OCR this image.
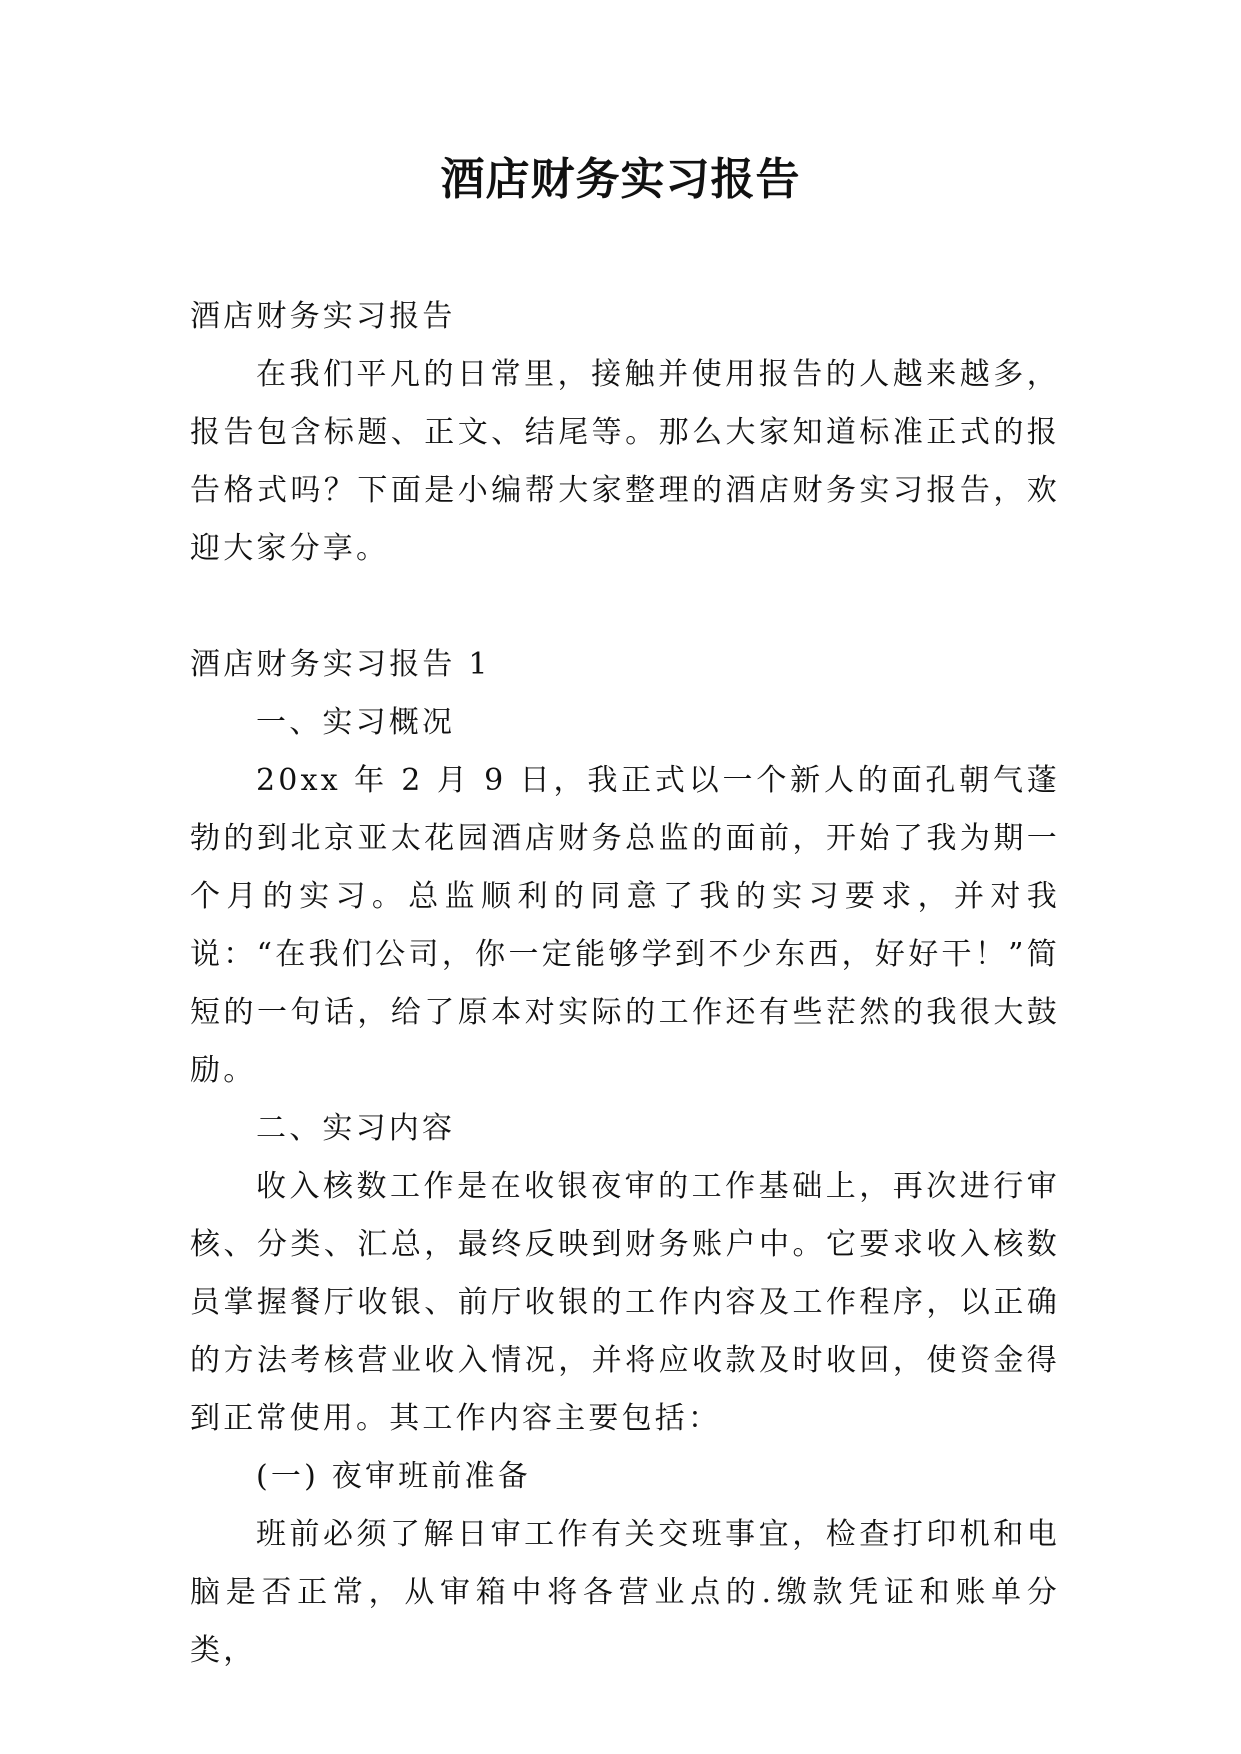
酒店财务实习报告

酒店财务实习报告

在我们平凡的日常里，接触并使用报告的人越来越多，报告包含标题、正文、结尾等。那么大家知道标准正式的报告格式吗？下面是小编帮大家整理的酒店财务实习报告，欢迎大家分享。

酒店财务实习报告 1

一、实习概况

20xx 年 2 月 9 日，我正式以一个新人的面孔朝气蓬勃的到北京亚太花园酒店财务总监的面前，开始了我为期一个月的实习。总监顺利的同意了我的实习要求，并对我说：“在我们公司，你一定能够学到不少东西，好好干！”简短的一句话，给了原本对实际的工作还有些茫然的我很大鼓励。

二、实习内容

收入核数工作是在收银夜审的工作基础上，再次进行审核、分类、汇总，最终反映到财务账户中。它要求收入核数员掌握餐厅收银、前厅收银的工作内容及工作程序，以正确的方法考核营业收入情况，并将应收款及时收回，使资金得到正常使用。其工作内容主要包括：

(一) 夜审班前准备

班前必须了解日审工作有关交班事宜，检查打印机和电脑是否正常，从审箱中将各营业点的.缴款凭证和账单分类，
